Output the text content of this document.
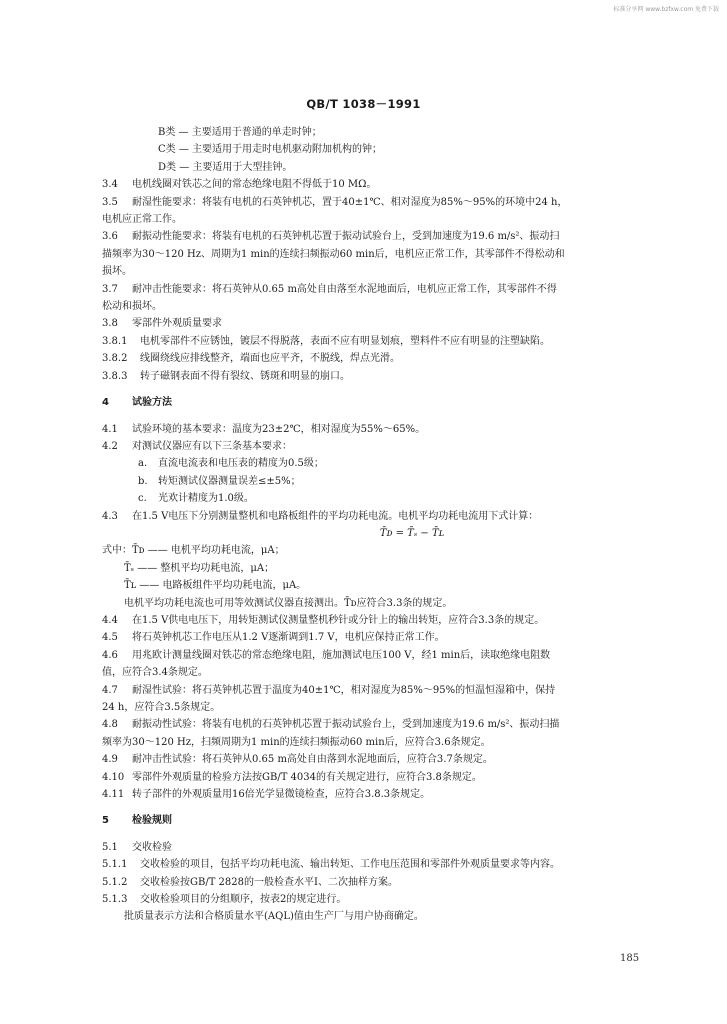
标准分享网 www.bzfxw.com 免费下载
QB/T 1038－1991
B类 — 主要适用于普通的单走时钟；
C类 — 主要适用于用走时电机驱动附加机构的钟；
D类 — 主要适用于大型挂钟。
3.4 电机线圈对铁芯之间的常态绝缘电阻不得低于10 MΩ。
3.5 耐湿性能要求：将装有电机的石英钟机芯，置于40±1℃、相对湿度为85%～95%的环境中24 h，
电机应正常工作。
3.6 耐振动性能要求：将装有电机的石英钟机芯置于振动试验台上，受到加速度为19.6 m/s²、振动扫
描频率为30～120 Hz、周期为1 min的连续扫频振动60 min后，电机应正常工作，其零部件不得松动和
损坏。
3.7 耐冲击性能要求：将石英钟从0.65 m高处自由落至水泥地面后，电机应正常工作，其零部件不得
松动和损坏。
3.8 零部件外观质量要求
3.8.1 电机零部件不应锈蚀，镀层不得脱落，表面不应有明显划痕，塑料件不应有明显的注塑缺陷。
3.8.2 线圈绕线应排线整齐，端面也应平齐，不脱线，焊点光滑。
3.8.3 转子磁钢表面不得有裂纹、锈斑和明显的崩口。
4 试验方法
4.1 试验环境的基本要求：温度为23±2℃，相对湿度为55%～65%。
4.2 对测试仪器应有以下三条基本要求：
a. 直流电流表和电压表的精度为0.5级；
b. 转矩测试仪器测量误差≤±5%；
c. 光欢计精度为1.0级。
4.3 在1.5 V电压下分别测量整机和电路板组件的平均功耗电流。电机平均功耗电流用下式计算：
T̄ᴅ = T̄ₛ − T̄ʟ
式中：T̄ᴅ —— 电机平均功耗电流，μA；
T̄ₛ —— 整机平均功耗电流，μA；
T̄ʟ —— 电路板组件平均功耗电流，μA。
电机平均功耗电流也可用等效测试仪器直接测出。T̄ᴅ应符合3.3条的规定。
4.4 在1.5 V供电电压下，用转矩测试仪测量整机秒针或分针上的输出转矩，应符合3.3条的规定。
4.5 将石英钟机芯工作电压从1.2 V逐渐调到1.7 V，电机应保持正常工作。
4.6 用兆欧计测量线圈对铁芯的常态绝缘电阻，施加测试电压100 V，经1 min后，读取绝缘电阻数
值，应符合3.4条规定。
4.7 耐湿性试验：将石英钟机芯置于温度为40±1℃，相对湿度为85%～95%的恒温恒湿箱中，保持
24 h，应符合3.5条规定。
4.8 耐振动性试验：将装有电机的石英钟机芯置于振动试验台上，受到加速度为19.6 m/s²、振动扫描
频率为30～120 Hz，扫频周期为1 min的连续扫频振动60 min后，应符合3.6条规定。
4.9 耐冲击性试验：将石英钟从0.65 m高处自由落到水泥地面后，应符合3.7条规定。
4.10 零部件外观质量的检验方法按GB/T 4034的有关规定进行，应符合3.8条规定。
4.11 转子部件的外观质量用16倍光学显微镜检查，应符合3.8.3条规定。
5 检验规则
5.1 交收检验
5.1.1 交收检验的项目，包括平均功耗电流、输出转矩、工作电压范围和零部件外观质量要求等内容。
5.1.2 交收检验按GB/T 2828的一般检查水平Ⅰ、二次抽样方案。
5.1.3 交收检验项目的分组顺序，按表2的规定进行。
批质量表示方法和合格质量水平(AQL)值由生产厂与用户协商确定。
185
